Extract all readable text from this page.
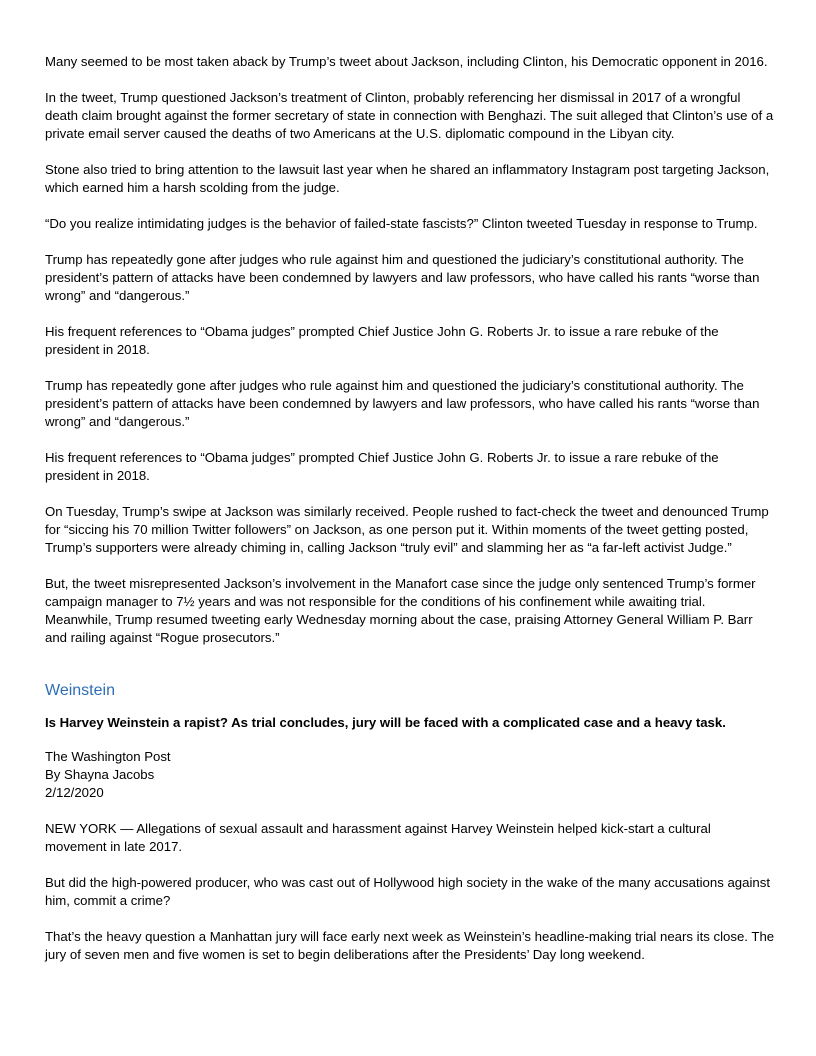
Many seemed to be most taken aback by Trump’s tweet about Jackson, including Clinton, his Democratic opponent in 2016.

In the tweet, Trump questioned Jackson’s treatment of Clinton, probably referencing her dismissal in 2017 of a wrongful death claim brought against the former secretary of state in connection with Benghazi. The suit alleged that Clinton’s use of a private email server caused the deaths of two Americans at the U.S. diplomatic compound in the Libyan city.

Stone also tried to bring attention to the lawsuit last year when he shared an inflammatory Instagram post targeting Jackson, which earned him a harsh scolding from the judge.

“Do you realize intimidating judges is the behavior of failed-state fascists?” Clinton tweeted Tuesday in response to Trump.

Trump has repeatedly gone after judges who rule against him and questioned the judiciary’s constitutional authority. The president’s pattern of attacks have been condemned by lawyers and law professors, who have called his rants “worse than wrong” and “dangerous.”

His frequent references to “Obama judges” prompted Chief Justice John G. Roberts Jr. to issue a rare rebuke of the president in 2018.

Trump has repeatedly gone after judges who rule against him and questioned the judiciary’s constitutional authority. The president’s pattern of attacks have been condemned by lawyers and law professors, who have called his rants “worse than wrong” and “dangerous.”

His frequent references to “Obama judges” prompted Chief Justice John G. Roberts Jr. to issue a rare rebuke of the president in 2018.

On Tuesday, Trump’s swipe at Jackson was similarly received. People rushed to fact-check the tweet and denounced Trump for “siccing his 70 million Twitter followers” on Jackson, as one person put it. Within moments of the tweet getting posted, Trump’s supporters were already chiming in, calling Jackson “truly evil” and slamming her as “a far-left activist Judge.”

But, the tweet misrepresented Jackson’s involvement in the Manafort case since the judge only sentenced Trump’s former campaign manager to 7½ years and was not responsible for the conditions of his confinement while awaiting trial. Meanwhile, Trump resumed tweeting early Wednesday morning about the case, praising Attorney General William P. Barr and railing against “Rogue prosecutors.”

Weinstein

Is Harvey Weinstein a rapist? As trial concludes, jury will be faced with a complicated case and a heavy task.

The Washington Post
By Shayna Jacobs
2/12/2020

NEW YORK — Allegations of sexual assault and harassment against Harvey Weinstein helped kick-start a cultural movement in late 2017.

But did the high-powered producer, who was cast out of Hollywood high society in the wake of the many accusations against him, commit a crime?

That’s the heavy question a Manhattan jury will face early next week as Weinstein’s headline-making trial nears its close. The jury of seven men and five women is set to begin deliberations after the Presidents’ Day long weekend.
